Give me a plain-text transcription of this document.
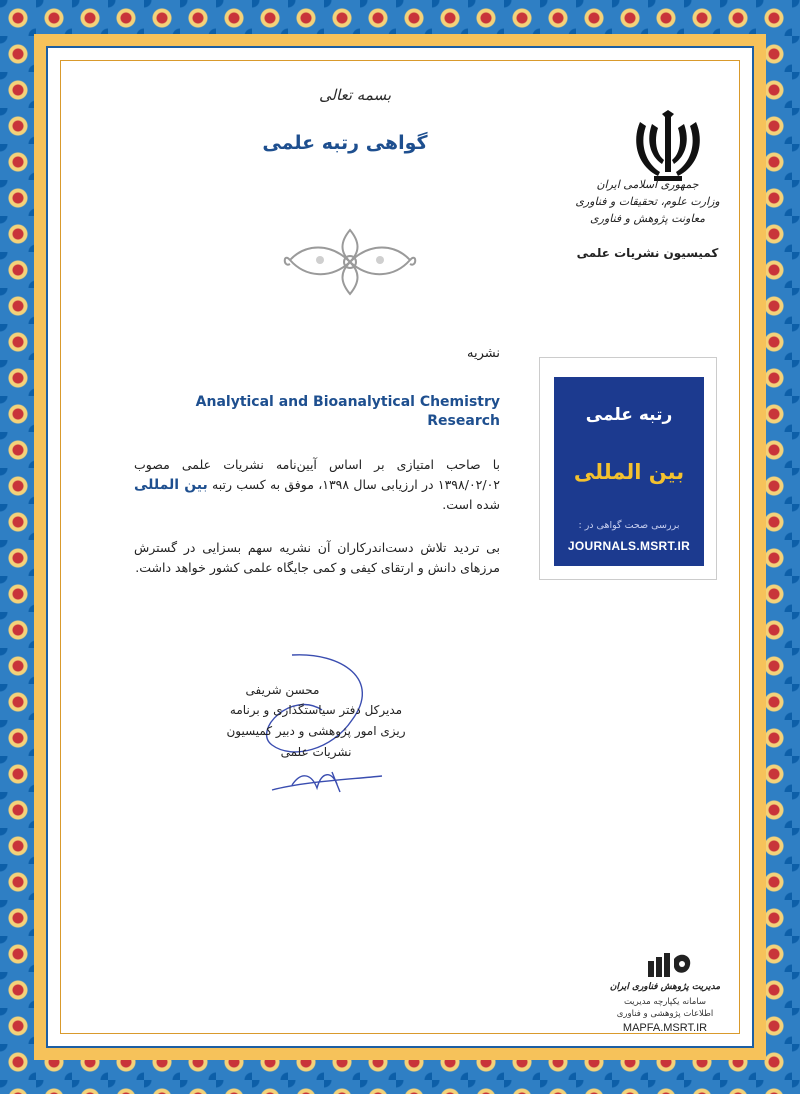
بسمه تعالی
گواهی رتبه علمی
جمهوری اسلامی ایران
وزارت علوم، تحقیقات و فناوری
معاونت پژوهش و فناوری
کمیسیون نشریات علمی
نشریه
Analytical and Bioanalytical Chemistry Research
با صاحب امتیازی بر اساس آیین‌نامه نشریات علمی مصوب ۱۳۹۸/۰۲/۰۲ در ارزیابی سال ۱۳۹۸، موفق به کسب رتبه بین المللی شده است.
بی تردید تلاش دست‌اندرکاران آن نشریه سهم بسزایی در گسترش مرزهای دانش و ارتقای کیفی و کمی جایگاه علمی کشور خواهد داشت.
رتبه علمی
بین المللی
بررسی صحت گواهی در :
JOURNALS.MSRT.IR
محسن شریفی
مدیرکل دفتر سیاستگذاری و برنامه
ریزی امور پژوهشی و دبیر کمیسیون
نشریات علمی
مدیریت پژوهش فناوری ایران
سامانه یکپارچه مدیریت
اطلاعات پژوهشی و فناوری
MAPFA.MSRT.IR
